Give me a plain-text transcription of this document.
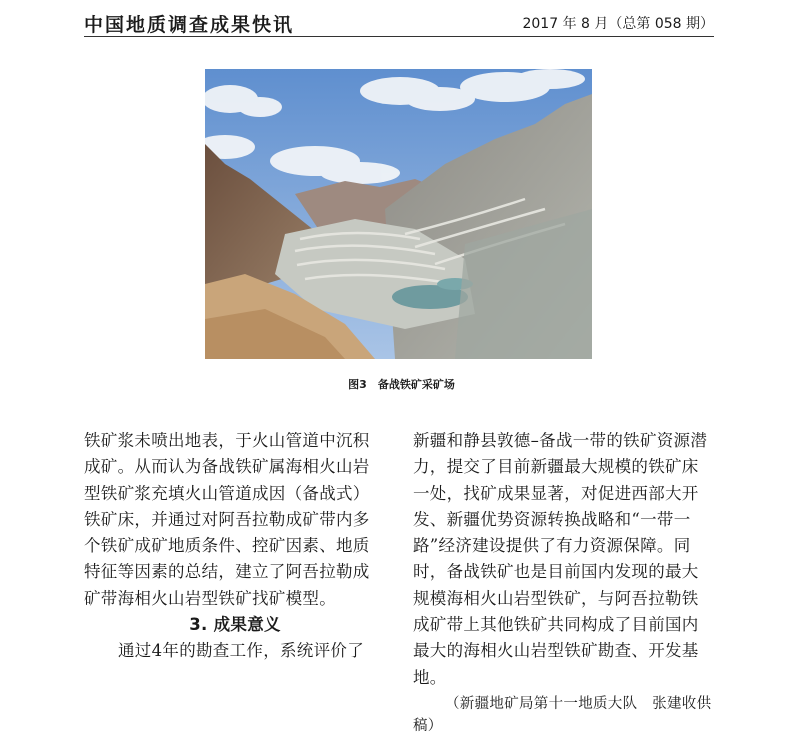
中国地质调查成果快讯	2017 年 8 月（总第 058 期）
图3　备战铁矿采矿场

铁矿浆未喷出地表，于火山管道中沉积成矿。从而认为备战铁矿属海相火山岩型铁矿浆充填火山管道成因（备战式）铁矿床，并通过对阿吾拉勒成矿带内多个铁矿成矿地质条件、控矿因素、地质特征等因素的总结，建立了阿吾拉勒成矿带海相火山岩型铁矿找矿模型。

3. 成果意义

通过4年的勘查工作，系统评价了

新疆和静县敦德–备战一带的铁矿资源潜力，提交了目前新疆最大规模的铁矿床一处，找矿成果显著，对促进西部大开发、新疆优势资源转换战略和“一带一路”经济建设提供了有力资源保障。同时，备战铁矿也是目前国内发现的最大规模海相火山岩型铁矿，与阿吾拉勒铁成矿带上其他铁矿共同构成了目前国内最大的海相火山岩型铁矿勘查、开发基地。

（新疆地矿局第十一地质大队　张建收供稿）
